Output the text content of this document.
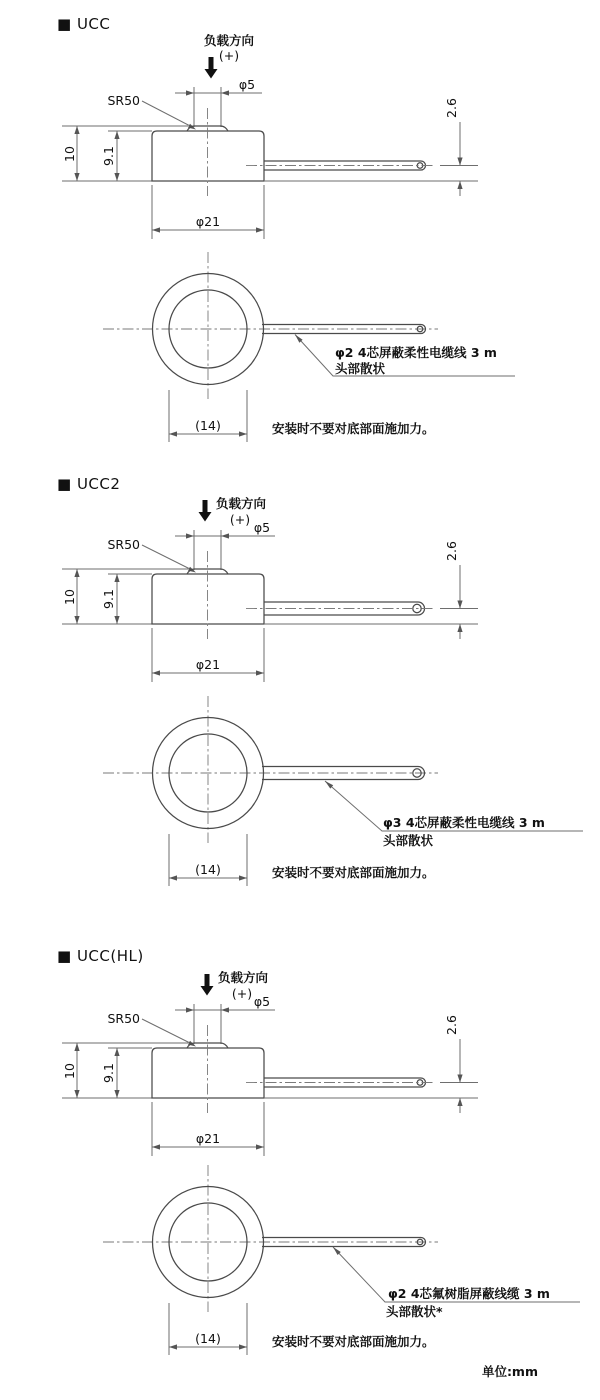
■ UCC
负载方向
(+)
φ5
SR50
10 9.1
2.6
φ21
φ2 4芯屏蔽柔性电缆线 3 m
头部散状
(14)	安装时不要对底部面施加力。
■ UCC2
负载方向
(+)
φ5
SR50
10 9.1
2.6
φ21
φ3 4芯屏蔽柔性电缆线 3 m
头部散状
(14)	安装时不要对底部面施加力。
■ UCC(HL)
负载方向
(+)
φ5
SR50
10 9.1
2.6
φ21
φ2 4芯氟树脂屏蔽线缆 3 m
头部散状*
(14)	安装时不要对底部面施加力。
单位:mm
